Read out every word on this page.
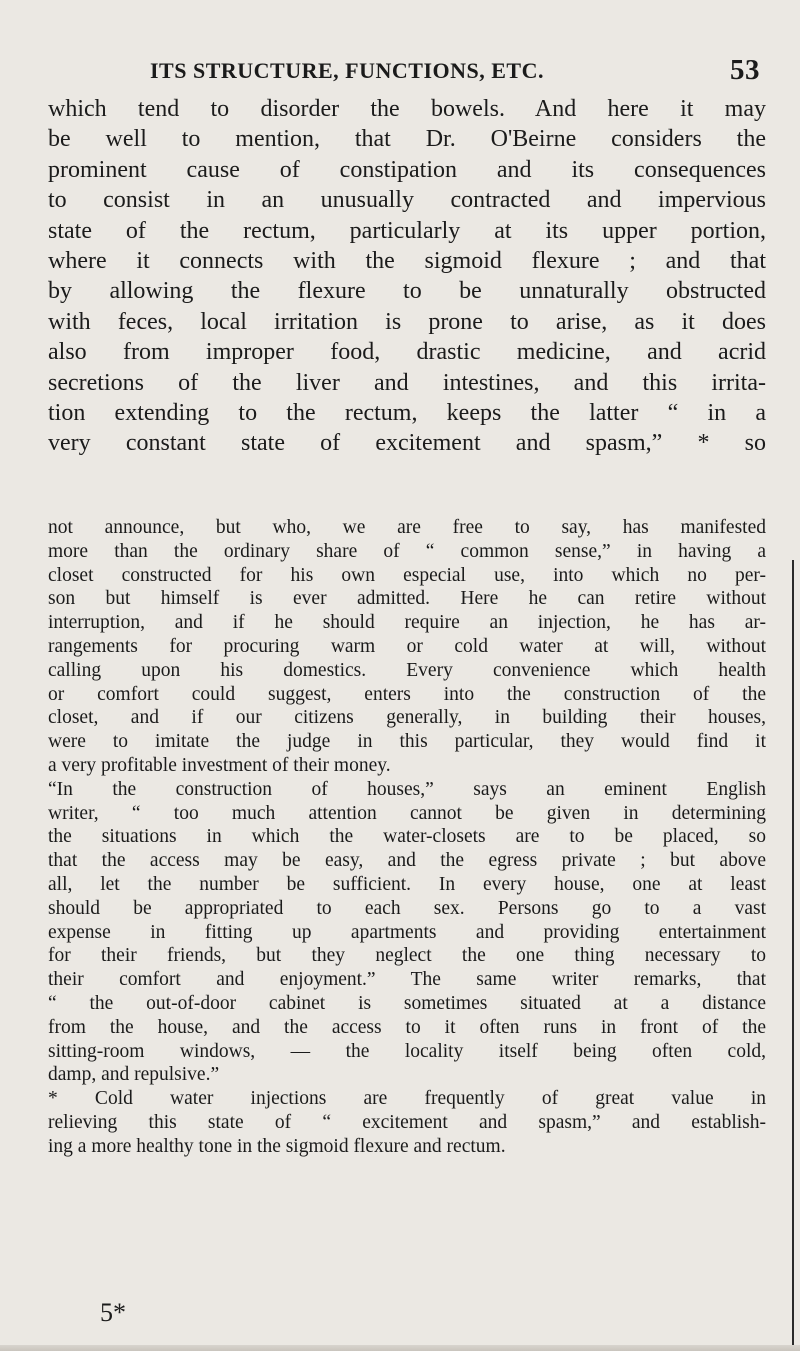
ITS STRUCTURE, FUNCTIONS, ETC.	53
which tend to disorder the bowels. And here it may
be well to mention, that Dr. O'Beirne considers the
prominent cause of constipation and its consequences
to consist in an unusually contracted and impervious
state of the rectum, particularly at its upper portion,
where it connects with the sigmoid flexure ; and that
by allowing the flexure to be unnaturally obstructed
with feces, local irritation is prone to arise, as it does
also from improper food, drastic medicine, and acrid
secretions of the liver and intestines, and this irrita-
tion extending to the rectum, keeps the latter “ in a
very constant state of excitement and spasm,” * so
not announce, but who, we are free to say, has manifested
more than the ordinary share of “ common sense,” in having a
closet constructed for his own especial use, into which no per-
son but himself is ever admitted. Here he can retire without
interruption, and if he should require an injection, he has ar-
rangements for procuring warm or cold water at will, without
calling upon his domestics. Every convenience which health
or comfort could suggest, enters into the construction of the
closet, and if our citizens generally, in building their houses,
were to imitate the judge in this particular, they would find it
a very profitable investment of their money.
“In the construction of houses,” says an eminent English
writer, “ too much attention cannot be given in determining
the situations in which the water-closets are to be placed, so
that the access may be easy, and the egress private ; but above
all, let the number be sufficient. In every house, one at least
should be appropriated to each sex. Persons go to a vast
expense in fitting up apartments and providing entertainment
for their friends, but they neglect the one thing necessary to
their comfort and enjoyment.” The same writer remarks, that
“ the out-of-door cabinet is sometimes situated at a distance
from the house, and the access to it often runs in front of the
sitting-room windows, — the locality itself being often cold,
damp, and repulsive.”
* Cold water injections are frequently of great value in
relieving this state of “ excitement and spasm,” and establish-
ing a more healthy tone in the sigmoid flexure and rectum.
5*
